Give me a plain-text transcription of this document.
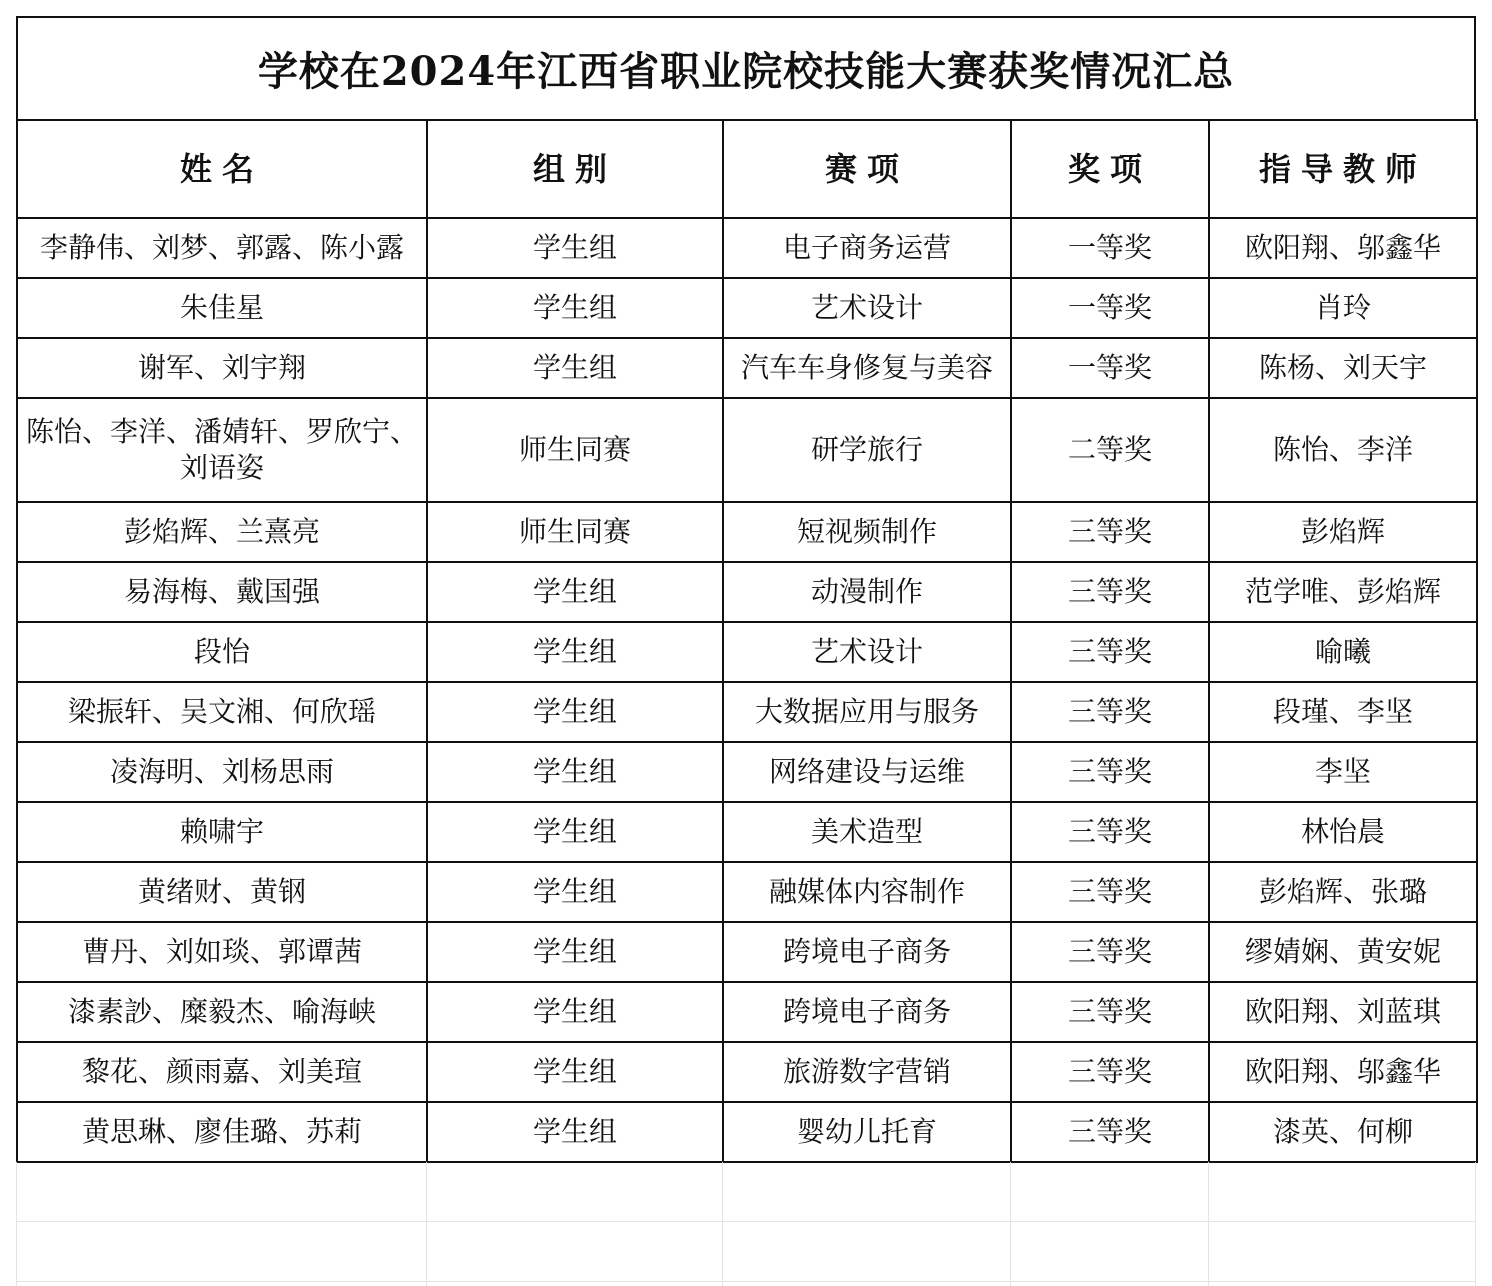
学校在2024年江西省职业院校技能大赛获奖情况汇总
姓名	组别	赛项	奖项	指导教师
李静伟、刘梦、郭露、陈小露	学生组	电子商务运营	一等奖	欧阳翔、邬鑫华
朱佳星	学生组	艺术设计	一等奖	肖玲
谢军、刘宇翔	学生组	汽车车身修复与美容	一等奖	陈杨、刘天宇
陈怡、李洋、潘婧轩、罗欣宁、刘语姿	师生同赛	研学旅行	二等奖	陈怡、李洋
彭焰辉、兰熹亮	师生同赛	短视频制作	三等奖	彭焰辉
易海梅、戴国强	学生组	动漫制作	三等奖	范学唯、彭焰辉
段怡	学生组	艺术设计	三等奖	喻曦
梁振轩、吴文湘、何欣瑶	学生组	大数据应用与服务	三等奖	段瑾、李坚
凌海明、刘杨思雨	学生组	网络建设与运维	三等奖	李坚
赖啸宇	学生组	美术造型	三等奖	林怡晨
黄绪财、黄钢	学生组	融媒体内容制作	三等奖	彭焰辉、张璐
曹丹、刘如琰、郭谭茜	学生组	跨境电子商务	三等奖	缪婧娴、黄安妮
漆素訬、糜毅杰、喻海峡	学生组	跨境电子商务	三等奖	欧阳翔、刘蓝琪
黎花、颜雨嘉、刘美瑄	学生组	旅游数字营销	三等奖	欧阳翔、邬鑫华
黄思琳、廖佳璐、苏莉	学生组	婴幼儿托育	三等奖	漆英、何柳
